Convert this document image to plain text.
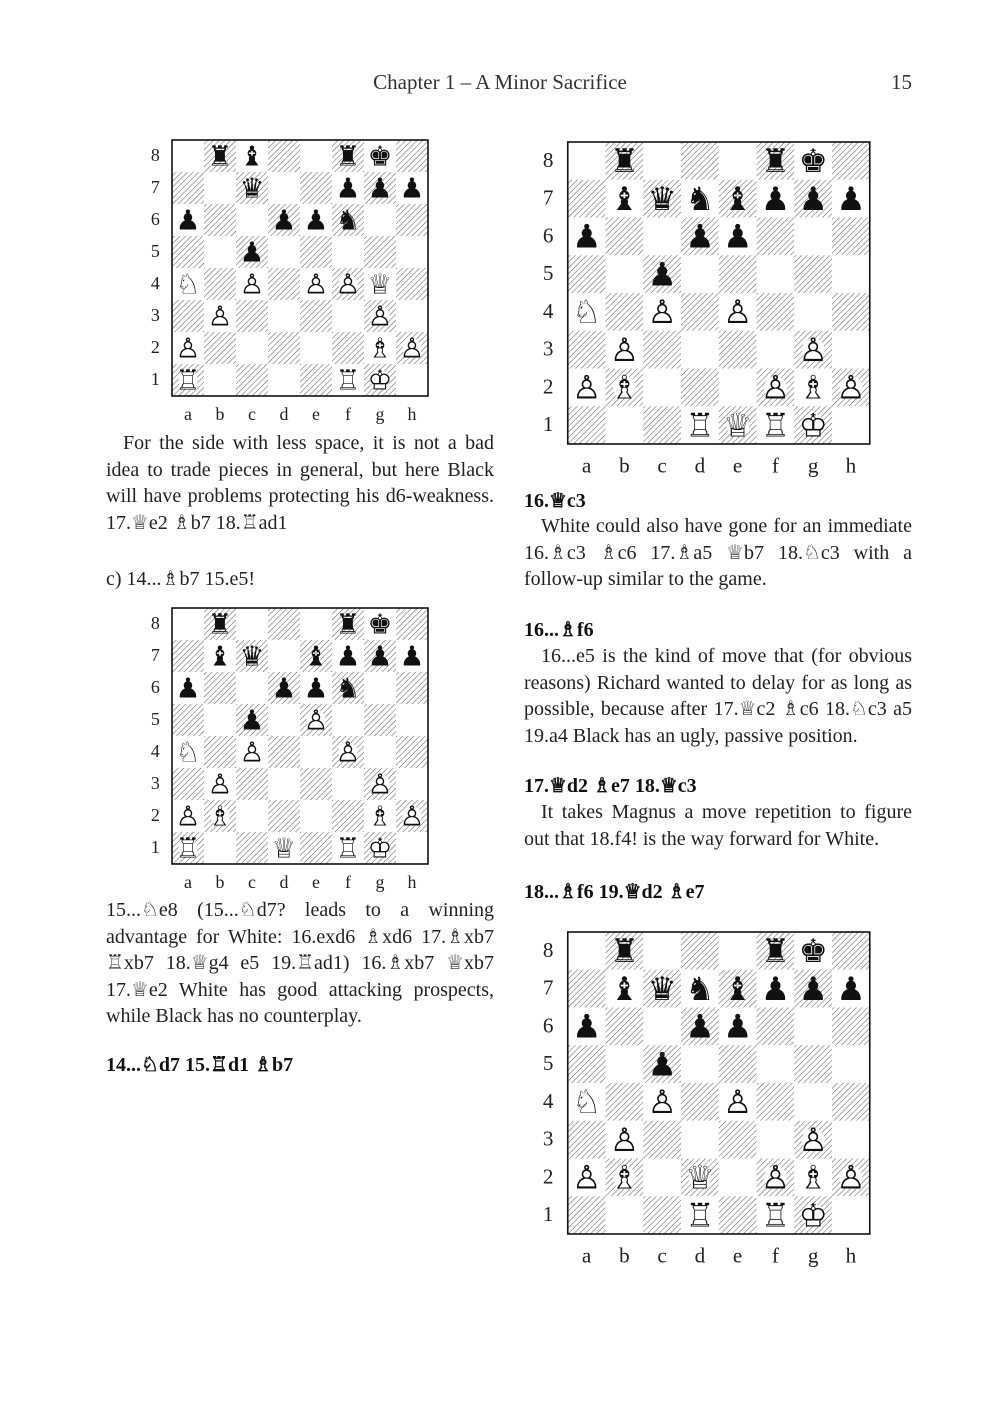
Chapter 1 – A Minor Sacrifice	15
8
7
6
5
4
3
2
1
a b c d e f g h
♜ ♝	♜ ♚
♛	♟ ♟ ♟
♟	♟ ♟ ♞
♟
♘ ♙ ♙ ♙ ♕
♙	♙
♙	♗ ♙
♖	♖ ♔

For the side with less space, it is not a bad idea to trade pieces in general, but here Black will have problems protecting his d6-weakness. 17.♕e2 ♗b7 18.♖ad1

c) 14...♗b7 15.e5!

8
7
6
5
4
3
2
1
a b c d e f g h
♜	♜ ♚
♝ ♛ ♝ ♟ ♟ ♟
♟	♟ ♟ ♞
♟ ♙
♘ ♙	♙
♙	♙
♙ ♗	♗ ♙
♖	♕ ♖ ♔

15...♘e8 (15...♘d7? leads to a winning advantage for White: 16.exd6 ♗xd6 17.♗xb7 ♖xb7 18.♕g4 e5 19.♖ad1) 16.♗xb7 ♕xb7 17.♕e2 White has good attacking prospects, while Black has no counterplay.

14...♘d7 15.♖d1 ♗b7

8
7
6
5
4
3
2
1
a b c d e f g h
♜	♜ ♚
♝ ♛ ♞ ♝ ♟ ♟ ♟
♟	♟ ♟
♟
♘ ♙ ♙
♙	♙
♙ ♗	♙ ♗ ♙
♖ ♕ ♖ ♔

16.♕c3

White could also have gone for an immediate 16.♗c3 ♗c6 17.♗a5 ♕b7 18.♘c3 with a follow-up similar to the game.

16...♗f6

16...e5 is the kind of move that (for obvious reasons) Richard wanted to delay for as long as possible, because after 17.♕c2 ♗c6 18.♘c3 a5 19.a4 Black has an ugly, passive position.

17.♕d2 ♗e7 18.♕c3

It takes Magnus a move repetition to figure out that 18.f4! is the way forward for White.

18...♗f6 19.♕d2 ♗e7

8
7
6
5
4
3
2
1
a b c d e f g h
♜	♜ ♚
♝ ♛ ♞ ♝ ♟ ♟ ♟
♟	♟ ♟
♟
♘ ♙ ♙
♙	♙
♙ ♗ ♕ ♙ ♗ ♙
♖ ♖ ♔
